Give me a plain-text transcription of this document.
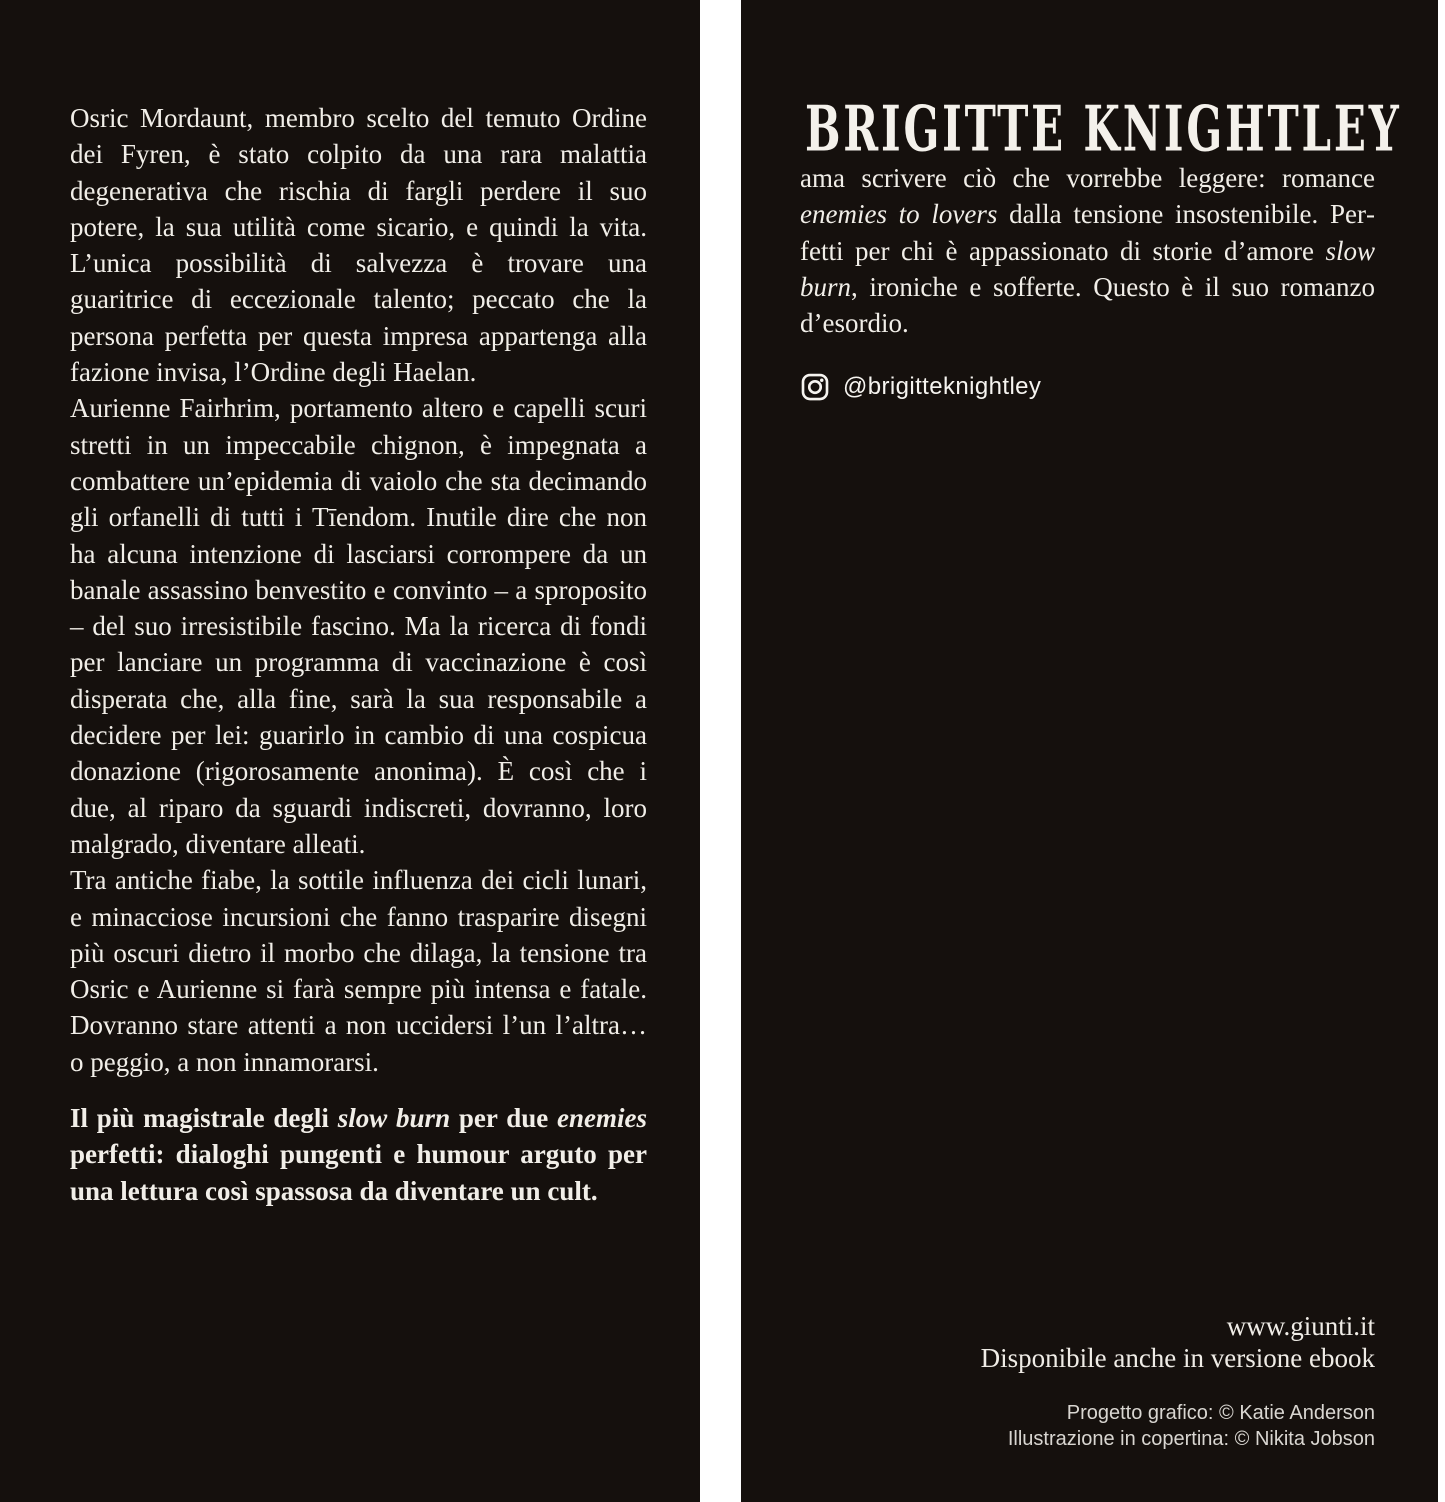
Osric Mordaunt, membro scelto del temuto Ordine dei Fyren, è stato colpito da una rara malattia degenerativa che rischia di fargli perdere il suo potere, la sua utilità come sicario, e quindi la vita. L’unica possibilità di salvezza è trovare una guaritrice di eccezionale talento; peccato che la persona perfetta per questa impresa appartenga alla fazione invisa, l’Ordine degli Haelan.

Aurienne Fairhrim, portamento altero e capelli scuri stretti in un impeccabile chignon, è impegnata a combattere un’epidemia di vaiolo che sta decimando gli orfanelli di tutti i Tīendom. Inutile dire che non ha alcuna intenzione di lasciarsi corrompere da un banale assassino benvestito e convinto – a sproposito – del suo irresistibile fascino. Ma la ricerca di fondi per lanciare un programma di vaccinazione è così disperata che, alla fine, sarà la sua responsabile a decidere per lei: guarirlo in cambio di una cospicua donazione (rigorosamente anonima). È così che i due, al riparo da sguardi indiscreti, dovranno, loro malgrado, diventare alleati.

Tra antiche fiabe, la sottile influenza dei cicli lunari, e minacciose incursioni che fanno trasparire disegni più oscuri dietro il morbo che dilaga, la tensione tra Osric e Aurienne si farà sempre più intensa e fatale. Dovranno stare attenti a non uccidersi l’un l’altra… o peggio, a non innamorarsi.

Il più magistrale degli slow burn per due enemies perfetti: dialoghi pungenti e humour arguto per una lettura così spassosa da diventare un cult.

BRIGITTE KNIGHTLEY

ama scrivere ciò che vorrebbe leggere: romance enemies to lovers dalla tensione insostenibile. Perfetti per chi è appassionato di storie d’amore slow burn, ironiche e sofferte. Questo è il suo romanzo d’esordio.

@brigitteknightley
www.giunti.it
Disponibile anche in versione ebook
Progetto grafico: © Katie Anderson
Illustrazione in copertina: © Nikita Jobson
